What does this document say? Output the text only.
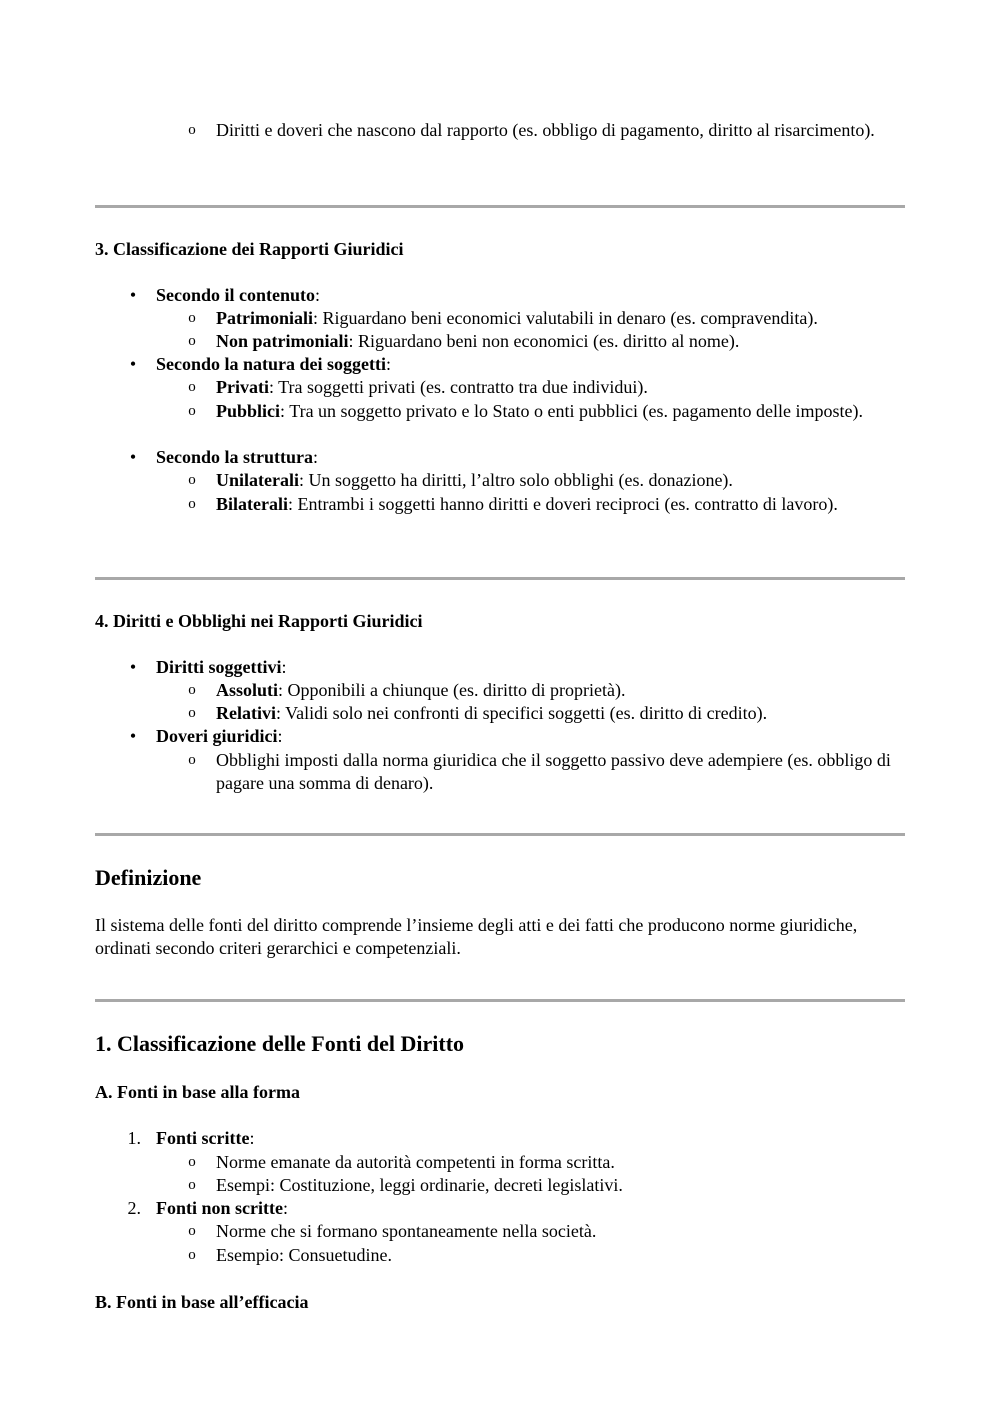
o Diritti e doveri che nascono dal rapporto (es. obbligo di pagamento, diritto al risarcimento).
3. Classificazione dei Rapporti Giuridici
•	Secondo il contenuto:
o Patrimoniali: Riguardano beni economici valutabili in denaro (es. compravendita).
o Non patrimoniali: Riguardano beni non economici (es. diritto al nome).
•	Secondo la natura dei soggetti:
o Privati: Tra soggetti privati (es. contratto tra due individui).
o Pubblici: Tra un soggetto privato e lo Stato o enti pubblici (es. pagamento delle imposte).
•	Secondo la struttura:
o Unilaterali: Un soggetto ha diritti, l’altro solo obblighi (es. donazione).
o Bilaterali: Entrambi i soggetti hanno diritti e doveri reciproci (es. contratto di lavoro).
4. Diritti e Obblighi nei Rapporti Giuridici
•	Diritti soggettivi:
o Assoluti: Opponibili a chiunque (es. diritto di proprietà).
o Relativi: Validi solo nei confronti di specifici soggetti (es. diritto di credito).
•	Doveri giuridici:
o Obblighi imposti dalla norma giuridica che il soggetto passivo deve adempiere (es. obbligo di pagare una somma di denaro).
Definizione
Il sistema delle fonti del diritto comprende l’insieme degli atti e dei fatti che producono norme giuridiche, ordinati secondo criteri gerarchici e competenziali.
1. Classificazione delle Fonti del Diritto
A. Fonti in base alla forma
1. Fonti scritte:
o Norme emanate da autorità competenti in forma scritta.
o Esempi: Costituzione, leggi ordinarie, decreti legislativi.
2. Fonti non scritte:
o Norme che si formano spontaneamente nella società.
o Esempio: Consuetudine.
B. Fonti in base all’efficacia
